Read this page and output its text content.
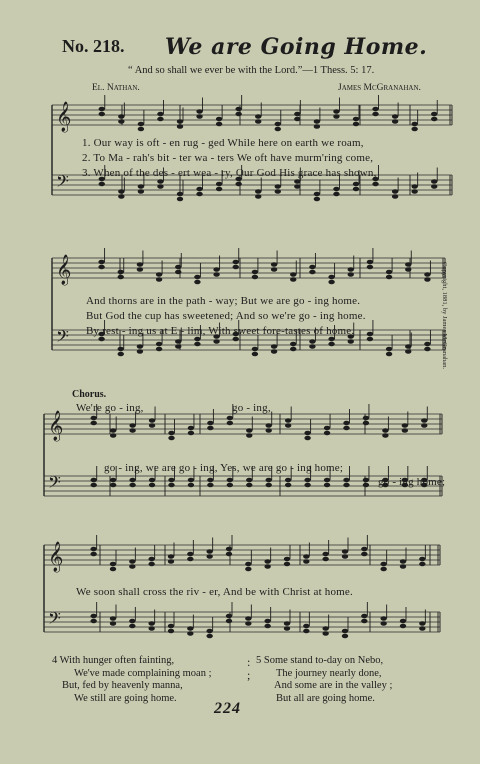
No. 218. We are Going Home.
“ And so shall we ever be with the Lord.”—1 Thess. 5: 17.
El. Nathan.	James McGranahan.
𝄞
𝄢
𝄞
𝄢
𝄞
𝄢
𝄞
𝄢
1. Our way is oft - en rug - ged While here on earth we roam,
2. To Ma - rah's bit - ter wa - ters We oft have murm'ring come,
3. When of the des - ert wea - ry, Our God His grace has shown,
And thorns are in the path - way; But we are go - ing home.
But God the cup has sweetened; And so we're go - ing home.
By rest - ing us at E - lim, With sweet fore-tastes of home.	Copyright, 1881, by James McGranahan.
Chorus.
We're go - ing,	go - ing,
go - ing, we are go - ing, Yes, we are go - ing home;
go - ing home;
We soon shall cross the riv - er, And be with Christ at home.
4 With hunger often fainting,
We've made complaining moan ;
But, fed by heavenly manna,
We still are going home.
:
;
5 Some stand to-day on Nebo,
The journey nearly done,
And some are in the valley ;
But all are going home.
224
